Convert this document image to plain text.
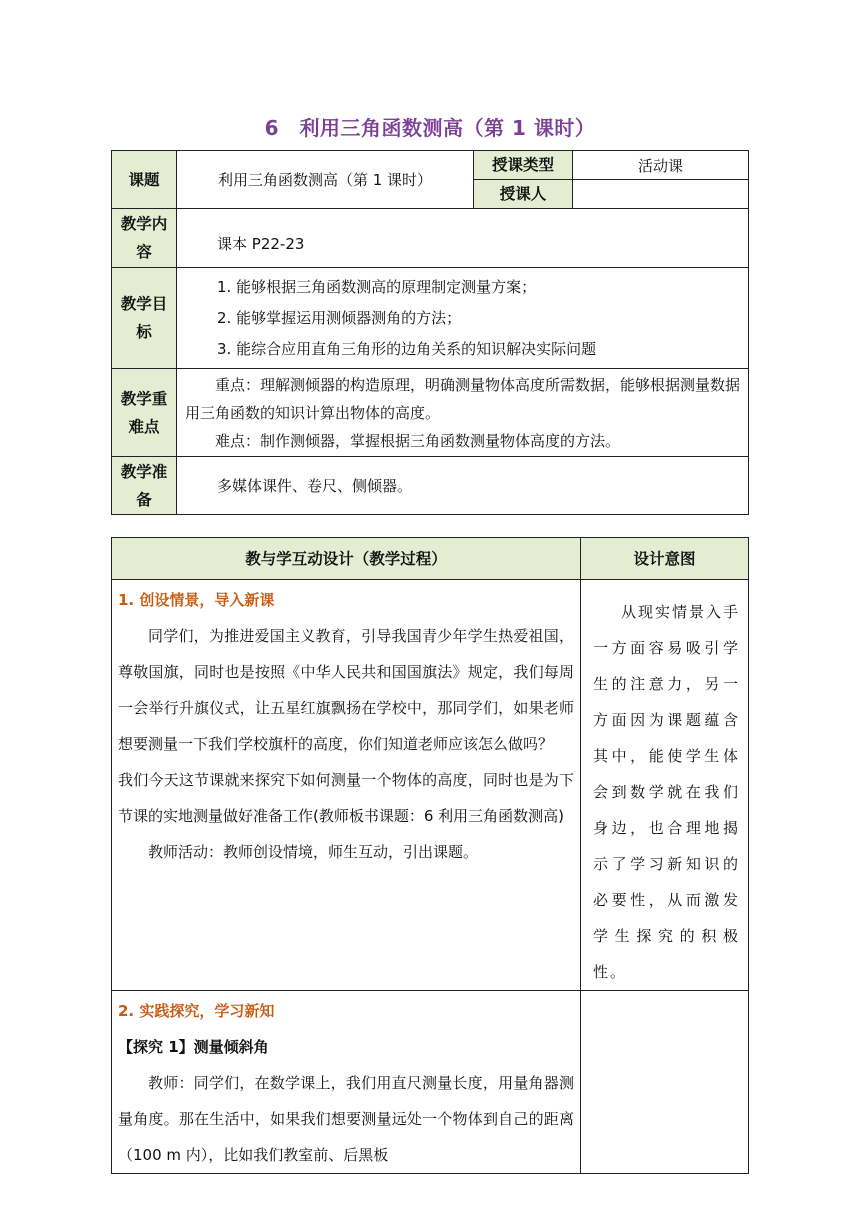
6　利用三角函数测高（第 1 课时）
课题	利用三角函数测高（第 1 课时）	授课类型	活动课
		授课人	
教学内容	课本 P22-23		
教学目标	1. 能够根据三角函数测高的原理制定测量方案；
2. 能够掌握运用测倾器测角的方法；
3. 能综合应用直角三角形的边角关系的知识解决实际问题		

教学重难点	重点：理解测倾器的构造原理，明确测量物体高度所需数据，能够根据测量数据用三角函数的知识计算出物体的高度。
难点：制作测倾器，掌握根据三角函数测量物体高度的方法。		

教学准备	多媒体课件、卷尺、侧倾器。		
教与学互动设计（教学过程）	设计意图

1. 创设情景，导入新课

同学们，为推进爱国主义教育，引导我国青少年学生热爱祖国，尊敬国旗，同时也是按照《中华人民共和国国旗法》规定，我们每周一会举行升旗仪式，让五星红旗飘扬在学校中，那同学们，如果老师想要测量一下我们学校旗杆的高度，你们知道老师应该怎么做吗？

我们今天这节课就来探究下如何测量一个物体的高度，同时也是为下节课的实地测量做好准备工作(教师板书课题：6 利用三角函数测高)

教师活动：教师创设情境，师生互动，引出课题。	从现实情景入手一方面容易吸引学生的注意力，另一方面因为课题蕴含其中，能使学生体会到数学就在我们身边，也合理地揭示了学习新知识的必要性，从而激发学生探究的积极性。

2. 实践探究，学习新知

【探究 1】测量倾斜角

教师：同学们，在数学课上，我们用直尺测量长度，用量角器测量角度。那在生活中，如果我们想要测量远处一个物体到自己的距离（100 m 内），比如我们教室前、后黑板	
